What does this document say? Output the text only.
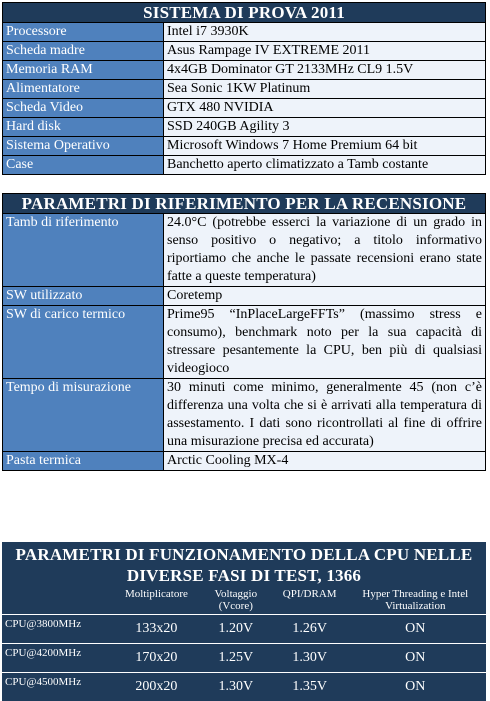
SISTEMA DI PROVA 2011	
Processore	Intel i7 3930K
Scheda madre	Asus Rampage IV EXTREME 2011
Memoria RAM	4x4GB Dominator GT 2133MHz CL9 1.5V
Alimentatore	Sea Sonic 1KW Platinum
Scheda Video	GTX 480 NVIDIA
Hard disk	SSD 240GB Agility 3
Sistema Operativo	Microsoft Windows 7 Home Premium 64 bit
Case	Banchetto aperto climatizzato a Tamb costante
PARAMETRI DI RIFERIMENTO PER LA RECENSIONE	
Tamb di riferimento	24.0°C (potrebbe esserci la variazione di un grado in senso positivo o negativo; a titolo informativo riportiamo che anche le passate recensioni erano state fatte a queste temperatura)
SW utilizzato	Coretemp
SW di carico termico	Prime95 “InPlaceLargeFFTs” (massimo stress e consumo), benchmark noto per la sua capacità di stressare pesantemente la CPU, ben più di qualsiasi videogioco
Tempo di misurazione	30 minuti come minimo, generalmente 45 (non c’è differenza una volta che si è arrivati alla temperatura di assestamento. I dati sono ricontrollati al fine di offrire una misurazione precisa ed accurata)
Pasta termica	Arctic Cooling MX-4
PARAMETRI DI FUNZIONAMENTO DELLA CPU NELLE DIVERSE FASI DI TEST, 1366				
	Moltiplicatore	Voltaggio (Vcore)	QPI/DRAM	Hyper Threading e Intel Virtualization

CPU@3800MHz	133x20	1.20V	1.26V	ON

CPU@4200MHz	170x20	1.25V	1.30V	ON

CPU@4500MHz	200x20	1.30V	1.35V	ON
